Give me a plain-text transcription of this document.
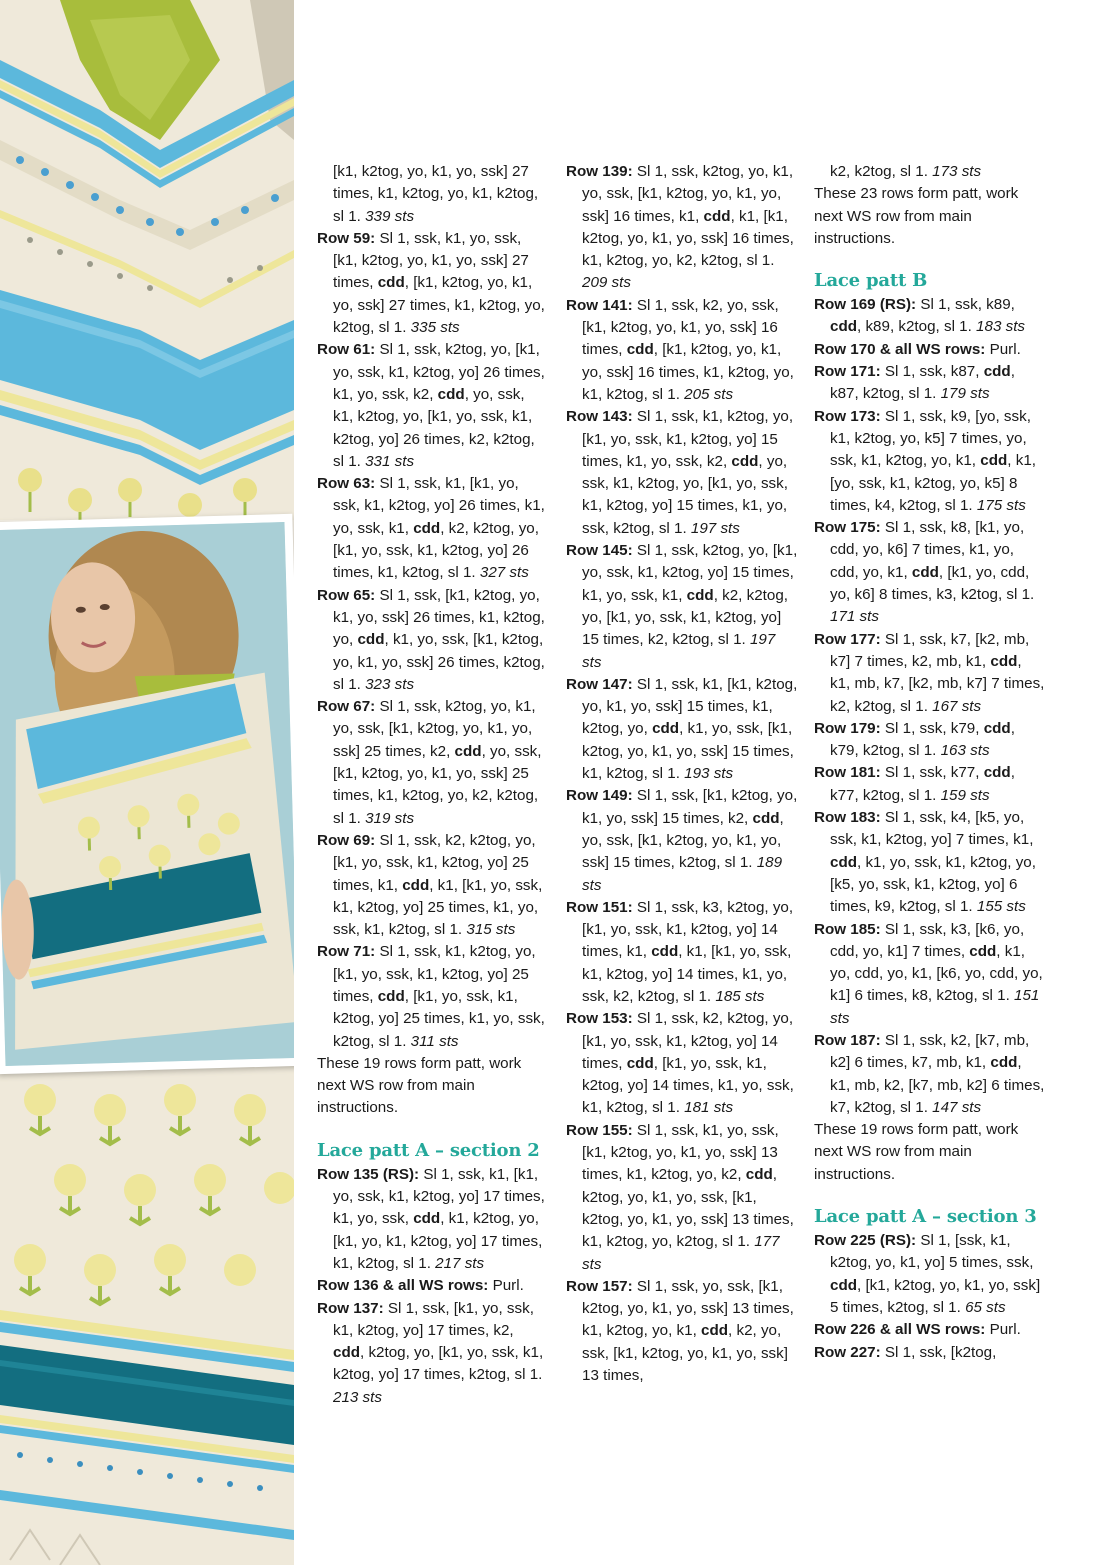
[k1, k2tog, yo, k1, yo, ssk] 27 times, k1, k2tog, yo, k1, k2tog, sl 1. 339 sts

Row 59: Sl 1, ssk, k1, yo, ssk, [k1, k2tog, yo, k1, yo, ssk] 27 times, cdd, [k1, k2tog, yo, k1, yo, ssk] 27 times, k1, k2tog, yo, k2tog, sl 1. 335 sts

Row 61: Sl 1, ssk, k2tog, yo, [k1, yo, ssk, k1, k2tog, yo] 26 times, k1, yo, ssk, k2, cdd, yo, ssk, k1, k2tog, yo, [k1, yo, ssk, k1, k2tog, yo] 26 times, k2, k2tog, sl 1. 331 sts

Row 63: Sl 1, ssk, k1, [k1, yo, ssk, k1, k2tog, yo] 26 times, k1, yo, ssk, k1, cdd, k2, k2tog, yo, [k1, yo, ssk, k1, k2tog, yo] 26 times, k1, k2tog, sl 1. 327 sts

Row 65: Sl 1, ssk, [k1, k2tog, yo, k1, yo, ssk] 26 times, k1, k2tog, yo, cdd, k1, yo, ssk, [k1, k2tog, yo, k1, yo, ssk] 26 times, k2tog, sl 1. 323 sts

Row 67: Sl 1, ssk, k2tog, yo, k1, yo, ssk, [k1, k2tog, yo, k1, yo, ssk] 25 times, k2, cdd, yo, ssk, [k1, k2tog, yo, k1, yo, ssk] 25 times, k1, k2tog, yo, k2, k2tog, sl 1. 319 sts

Row 69: Sl 1, ssk, k2, k2tog, yo, [k1, yo, ssk, k1, k2tog, yo] 25 times, k1, cdd, k1, [k1, yo, ssk, k1, k2tog, yo] 25 times, k1, yo, ssk, k1, k2tog, sl 1. 315 sts

Row 71: Sl 1, ssk, k1, k2tog, yo, [k1, yo, ssk, k1, k2tog, yo] 25 times, cdd, [k1, yo, ssk, k1, k2tog, yo] 25 times, k1, yo, ssk, k2tog, sl 1. 311 sts

These 19 rows form patt, work next WS row from main instructions.

Lace patt A – section 2

Row 135 (RS): Sl 1, ssk, k1, [k1, yo, ssk, k1, k2tog, yo] 17 times, k1, yo, ssk, cdd, k1, k2tog, yo, [k1, yo, k1, k2tog, yo] 17 times, k1, k2tog, sl 1. 217 sts

Row 136 & all WS rows: Purl.

Row 137: Sl 1, ssk, [k1, yo, ssk, k1, k2tog, yo] 17 times, k2, cdd, k2tog, yo, [k1, yo, ssk, k1, k2tog, yo] 17 times, k2tog, sl 1. 213 sts

Row 139: Sl 1, ssk, k2tog, yo, k1, yo, ssk, [k1, k2tog, yo, k1, yo, ssk] 16 times, k1, cdd, k1, [k1, k2tog, yo, k1, yo, ssk] 16 times, k1, k2tog, yo, k2, k2tog, sl 1. 209 sts

Row 141: Sl 1, ssk, k2, yo, ssk, [k1, k2tog, yo, k1, yo, ssk] 16 times, cdd, [k1, k2tog, yo, k1, yo, ssk] 16 times, k1, k2tog, yo, k1, k2tog, sl 1. 205 sts

Row 143: Sl 1, ssk, k1, k2tog, yo, [k1, yo, ssk, k1, k2tog, yo] 15 times, k1, yo, ssk, k2, cdd, yo, ssk, k1, k2tog, yo, [k1, yo, ssk, k1, k2tog, yo] 15 times, k1, yo, ssk, k2tog, sl 1. 197 sts

Row 145: Sl 1, ssk, k2tog, yo, [k1, yo, ssk, k1, k2tog, yo] 15 times, k1, yo, ssk, k1, cdd, k2, k2tog, yo, [k1, yo, ssk, k1, k2tog, yo] 15 times, k2, k2tog, sl 1. 197 sts

Row 147: Sl 1, ssk, k1, [k1, k2tog, yo, k1, yo, ssk] 15 times, k1, k2tog, yo, cdd, k1, yo, ssk, [k1, k2tog, yo, k1, yo, ssk] 15 times, k1, k2tog, sl 1. 193 sts

Row 149: Sl 1, ssk, [k1, k2tog, yo, k1, yo, ssk] 15 times, k2, cdd, yo, ssk, [k1, k2tog, yo, k1, yo, ssk] 15 times, k2tog, sl 1. 189 sts

Row 151: Sl 1, ssk, k3, k2tog, yo, [k1, yo, ssk, k1, k2tog, yo] 14 times, k1, cdd, k1, [k1, yo, ssk, k1, k2tog, yo] 14 times, k1, yo, ssk, k2, k2tog, sl 1. 185 sts

Row 153: Sl 1, ssk, k2, k2tog, yo, [k1, yo, ssk, k1, k2tog, yo] 14 times, cdd, [k1, yo, ssk, k1, k2tog, yo] 14 times, k1, yo, ssk, k1, k2tog, sl 1. 181 sts

Row 155: Sl 1, ssk, k1, yo, ssk, [k1, k2tog, yo, k1, yo, ssk] 13 times, k1, k2tog, yo, k2, cdd, k2tog, yo, k1, yo, ssk, [k1, k2tog, yo, k1, yo, ssk] 13 times, k1, k2tog, yo, k2tog, sl 1. 177 sts

Row 157: Sl 1, ssk, yo, ssk, [k1, k2tog, yo, k1, yo, ssk] 13 times, k1, k2tog, yo, k1, cdd, k2, yo, ssk, [k1, k2tog, yo, k1, yo, ssk] 13 times,

k2, k2tog, sl 1. 173 sts

These 23 rows form patt, work next WS row from main instructions.

Lace patt B

Row 169 (RS): Sl 1, ssk, k89, cdd, k89, k2tog, sl 1. 183 sts

Row 170 & all WS rows: Purl.

Row 171: Sl 1, ssk, k87, cdd, k87, k2tog, sl 1. 179 sts

Row 173: Sl 1, ssk, k9, [yo, ssk, k1, k2tog, yo, k5] 7 times, yo, ssk, k1, k2tog, yo, k1, cdd, k1, [yo, ssk, k1, k2tog, yo, k5] 8 times, k4, k2tog, sl 1. 175 sts

Row 175: Sl 1, ssk, k8, [k1, yo, cdd, yo, k6] 7 times, k1, yo, cdd, yo, k1, cdd, [k1, yo, cdd, yo, k6] 8 times, k3, k2tog, sl 1. 171 sts

Row 177: Sl 1, ssk, k7, [k2, mb, k7] 7 times, k2, mb, k1, cdd, k1, mb, k7, [k2, mb, k7] 7 times, k2, k2tog, sl 1. 167 sts

Row 179: Sl 1, ssk, k79, cdd, k79, k2tog, sl 1. 163 sts

Row 181: Sl 1, ssk, k77, cdd, k77, k2tog, sl 1. 159 sts

Row 183: Sl 1, ssk, k4, [k5, yo, ssk, k1, k2tog, yo] 7 times, k1, cdd, k1, yo, ssk, k1, k2tog, yo, [k5, yo, ssk, k1, k2tog, yo] 6 times, k9, k2tog, sl 1. 155 sts

Row 185: Sl 1, ssk, k3, [k6, yo, cdd, yo, k1] 7 times, cdd, k1, yo, cdd, yo, k1, [k6, yo, cdd, yo, k1] 6 times, k8, k2tog, sl 1. 151 sts

Row 187: Sl 1, ssk, k2, [k7, mb, k2] 6 times, k7, mb, k1, cdd, k1, mb, k2, [k7, mb, k2] 6 times, k7, k2tog, sl 1. 147 sts

These 19 rows form patt, work next WS row from main instructions.

Lace patt A – section 3

Row 225 (RS): Sl 1, [ssk, k1, k2tog, yo, k1, yo] 5 times, ssk, cdd, [k1, k2tog, yo, k1, yo, ssk] 5 times, k2tog, sl 1. 65 sts

Row 226 & all WS rows: Purl.

Row 227: Sl 1, ssk, [k2tog,
